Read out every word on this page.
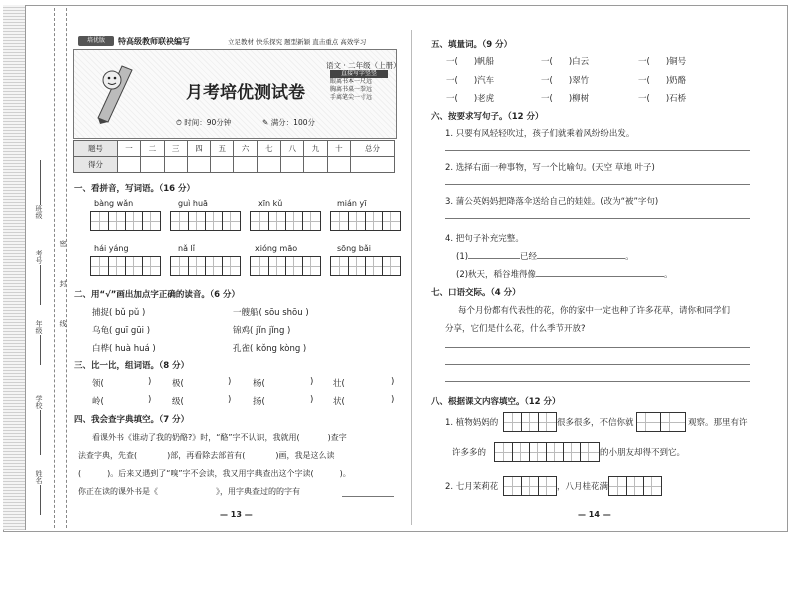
班级
考号
年级
密
封
线
学校
姓名
培优版	特高级教师联袂编写	立足教材 快乐探究 题型新颖 直击重点 高效学习
月考培优测试卷
语文 · 二年级（上册）
直接写字竖竖
眼离书本一尺远
胸离书桌一拳远
手离笔尖一寸远
⏱ 时间：90分钟	✎ 满分：100分
题号	一	二	三	四	五	六	七	八	九	十	总分
得分											
一、看拼音，写词语。（16 分）
bàng wǎn	guì huā	xīn kǔ	mián yī
hái yáng	nǎ lǐ	xióng māo	sōng bǎi
二、用“√”画出加点字正确的读音。（6 分）
捕捉( bǔ pǔ )	一艘船( sōu shōu )
乌龟( guī gūi )	锦鸡( jǐn jǐng )
白桦( huà huá )	孔雀( kǒng kòng )
三、比一比，组词语。（8 分）
领(	) 极(	)	杨(	) 壮(	)
岭(	) 级(	)	扬(	) 状(	)
四、我会查字典填空。（7 分）
看课外书《谁动了我的奶酪?》时，“酪”字不认识，我就用(	)查字
法查字典，先查(	)部，再看除去部首有(	)画，我是这么读
(	)。后来又遇到了“嗅”字不会读，我又用字典查出这个字读(	)。
你正在读的课外书是《	》，用字典查过的的字有
— 13 —
五、填量词。（9 分）
一( )帆船	一( )白云	一( )铜号
一( )汽车	一( )翠竹	一( )奶酪
一( )老虎	一( )柳树	一( )石桥
六、按要求写句子。（12 分）
1. 只要有风轻轻吹过，孩子们就乘着风纷纷出发。
2. 选择右面一种事物，写一个比喻句。(天空 草地 叶子)
3. 蒲公英妈妈把降落伞送给自己的娃娃。(改为“被”字句)
4. 把句子补充完整。
(1)	已经	。
(2)秋天，稻谷堆得像	。
七、口语交际。（4 分）
每个月份都有代表性的花，你的家中一定也种了许多花草，请你和同学们
分享，它们是什么花，什么季节开放?
八、根据课文内容填空。（12 分）
1. 植物妈妈的	很多很多，不信你就	观察。那里有许
许多多的	的小朋友却得不到它。
2. 七月茉莉花	，八月桂花满
— 14 —
